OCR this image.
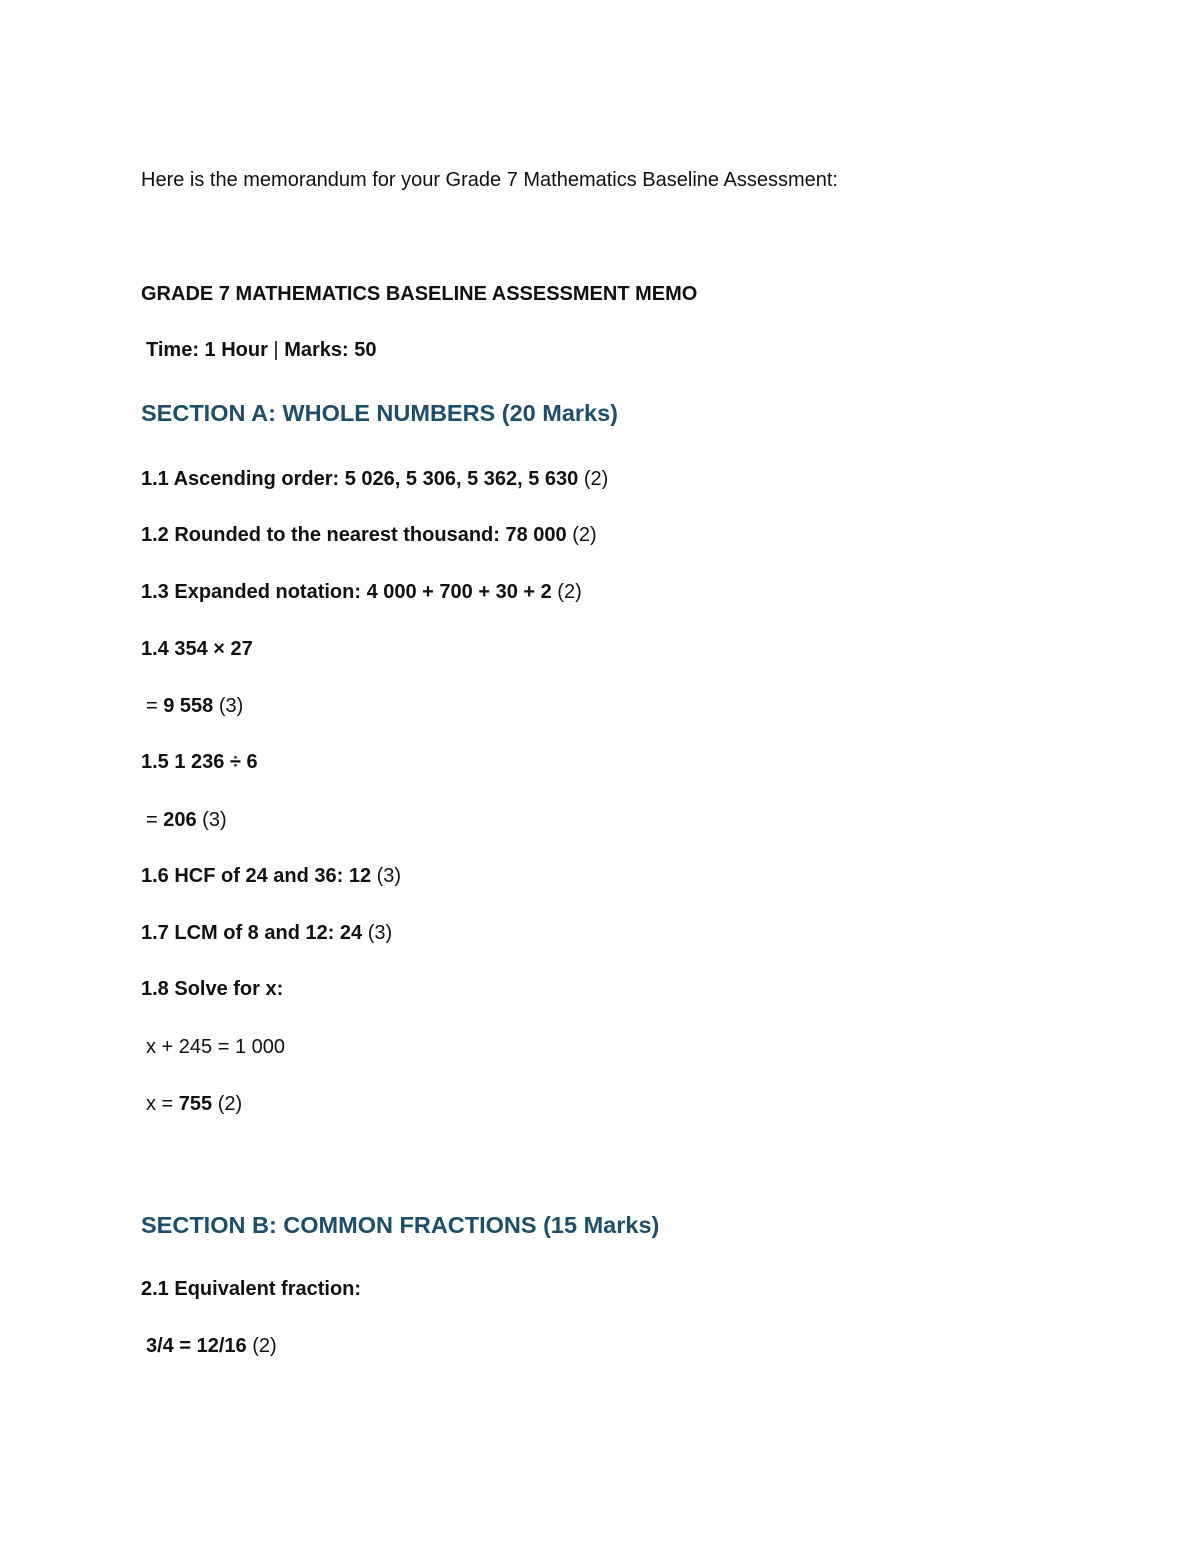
Here is the memorandum for your Grade 7 Mathematics Baseline Assessment:
GRADE 7 MATHEMATICS BASELINE ASSESSMENT MEMO
Time: 1 Hour | Marks: 50
SECTION A: WHOLE NUMBERS (20 Marks)
1.1 Ascending order: 5 026, 5 306, 5 362, 5 630 (2)
1.2 Rounded to the nearest thousand: 78 000 (2)
1.3 Expanded notation: 4 000 + 700 + 30 + 2 (2)
1.4 354 × 27
= 9 558 (3)
1.5 1 236 ÷ 6
= 206 (3)
1.6 HCF of 24 and 36: 12 (3)
1.7 LCM of 8 and 12: 24 (3)
1.8 Solve for x:
x + 245 = 1 000
x = 755 (2)
SECTION B: COMMON FRACTIONS (15 Marks)
2.1 Equivalent fraction:
3/4 = 12/16 (2)
